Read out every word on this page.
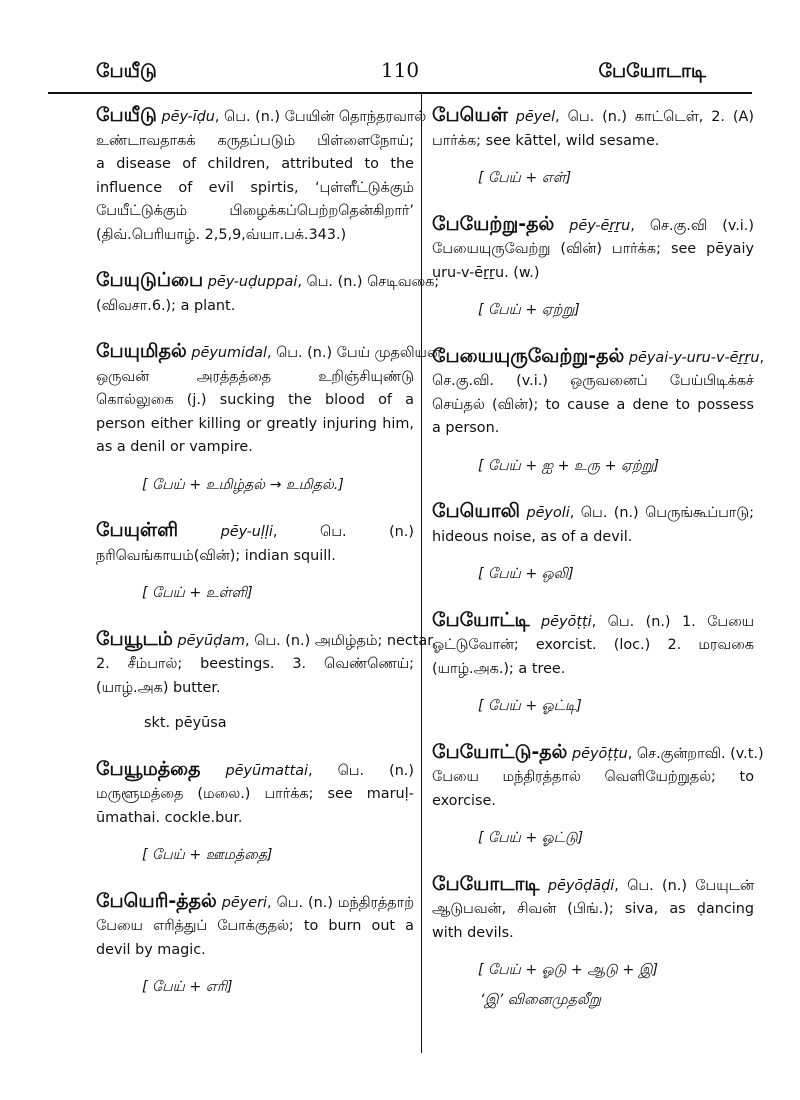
பேயீடு	110	பேயோடாடி
பேயீடு pēy-īḍu, பெ. (n.) பேயின் தொந்தரவால்
உண்டாவதாகக் கருதப்படும் பிள்ளைநோய்;
a disease of children, attributed to the
influence of evil spirtis, ‘புள்ளீட்டுக்கும்
பேயீட்டுக்கும் பிழைக்கப்பெற்றதென்கிறார்’
(திவ்.பெரியாழ். 2,5,9,வ்யா.பக்.343.)
பேயுடுப்பை pēy-uḍuppai, பெ. (n.) செடிவகை;
(விவசா.6.); a plant.
பேயுமிதல் pēyumidal, பெ. (n.) பேய் முதலியன
ஒருவன் அரத்தத்தை உறிஞ்சியுண்டு
கொல்லுகை (j.) sucking the blood of a
person either killing or greatly injuring him,
as a denil or vampire.
[ பேய் + உமிழ்தல் → உமிதல்.]
பேயுள்ளி pēy-uḷḷi, பெ. (n.)
நரிவெங்காயம்(வின்); indian squill.
[ பேய் + உள்ளி]
பேயூடம் pēyūḍam, பெ. (n.) அமிழ்தம்; nectar.
2. சீம்பால்; beestings. 3. வெண்ணெய்;
(யாழ்.அக) butter.
skt. pēyūsa
பேயூமத்தை pēyūmattai, பெ. (n.)
மருளூமத்தை (மலை.) பார்க்க; see maruḷ-
ūmathai. cockle.bur.
[ பேய் + ஊமத்தை]
பேயெரி-த்தல் pēyeri, பெ. (n.) மந்திரத்தாற்
பேயை எரித்துப் போக்குதல்; to burn out a
devil by magic.
[ பேய் + எரி]
பேயெள் pēyel, பெ. (n.) காட்டெள், 2. (A)
பார்க்க; see kāttel, wild sesame.
[ பேய் + எள்]
பேயேற்று-தல் pēy-ēṟṟu, செ.கு.வி (v.i.)
பேயையுருவேற்று (வின்) பார்க்க; see pēyaiy
uru-v-ēṟṟu. (w.)
[ பேய் + ஏற்று]
பேயையுருவேற்று-தல் pēyai-y-uru-v-ēṟṟu,
செ.கு.வி. (v.i.) ஒருவனைப் பேய்பிடிக்கச்
செய்தல் (வின்); to cause a dene to possess
a person.
[ பேய் + ஐ + உரு + ஏற்று]
பேயொலி pēyoli, பெ. (n.) பெருங்கூப்பாடு;
hideous noise, as of a devil.
[ பேய் + ஒலி]
பேயோட்டி pēyōṭṭi, பெ. (n.) 1. பேயை
ஓட்டுவோன்; exorcist. (loc.) 2. மரவகை
(யாழ்.அக.); a tree.
[ பேய் + ஓட்டி]
பேயோட்டு-தல் pēyōṭṭu, செ.குன்றாவி. (v.t.)
பேயை மந்திரத்தால் வெளியேற்றுதல்; to
exorcise.
[ பேய் + ஓட்டு]
பேயோடாடி pēyōḍāḍi, பெ. (n.) பேயுடன்
ஆடுபவன், சிவன் (பிங்.); siva, as ḍancing
with devils.
[ பேய் + ஓடு + ஆடு + இ]
‘இ’ வினைமுதலீறு
